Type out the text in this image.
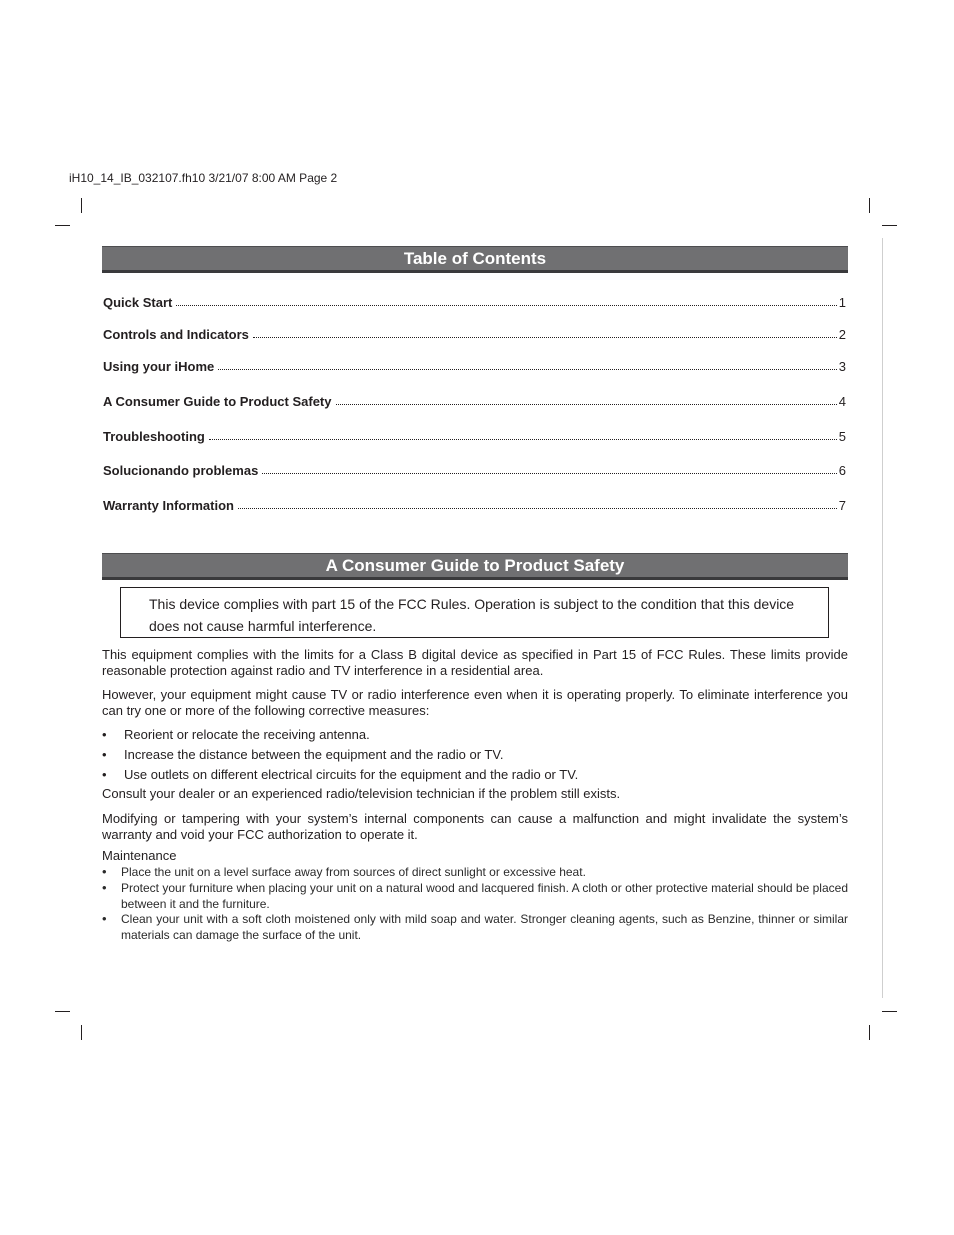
iH10_14_IB_032107.fh10 3/21/07 8:00 AM Page 2
Table of Contents
Quick Start	1
Controls and Indicators	2
Using your iHome	3
A Consumer Guide to Product Safety	4
Troubleshooting	5
Solucionando problemas	6
Warranty Information	7
A Consumer Guide to Product Safety
This device complies with part 15 of the FCC Rules. Operation is subject to the condition that this device does not cause harmful interference.

This equipment complies with the limits for a Class B digital device as specified in Part 15 of FCC Rules. These limits provide reasonable protection against radio and TV interference in a residential area.

However, your equipment might cause TV or radio interference even when it is operating properly. To eliminate interference you can try one or more of the following corrective measures:

• Reorient or relocate the receiving antenna.
• Increase the distance between the equipment and the radio or TV.
• Use outlets on different electrical circuits for the equipment and the radio or TV.

Consult your dealer or an experienced radio/television technician if the problem still exists.

Modifying or tampering with your system’s internal components can cause a malfunction and might invalidate the system’s warranty and void your FCC authorization to operate it.

Maintenance
• Place the unit on a level surface away from sources of direct sunlight or excessive heat.
• Protect your furniture when placing your unit on a natural wood and lacquered finish. A cloth or other protective material should be placed between it and the furniture.
• Clean your unit with a soft cloth moistened only with mild soap and water. Stronger cleaning agents, such as Benzine, thinner or similar materials can damage the surface of the unit.
